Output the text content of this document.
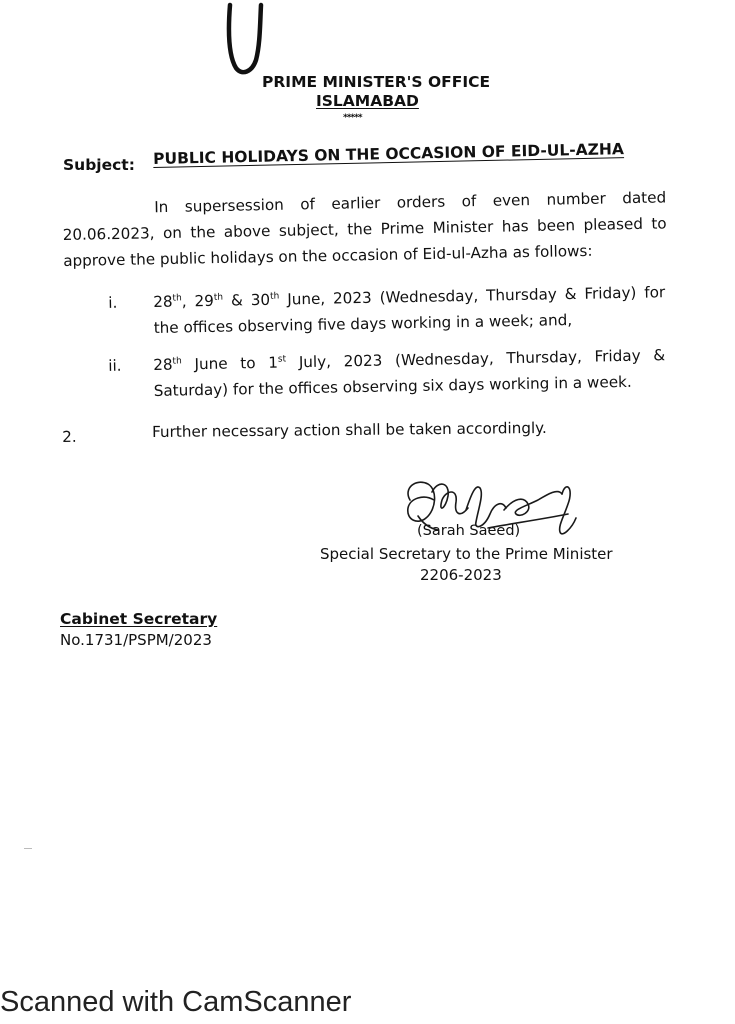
PRIME MINISTER'S OFFICE
ISLAMABAD
*****
Subject: PUBLIC HOLIDAYS ON THE OCCASION OF EID-UL-AZHA
In supersession of earlier orders of even number dated
20.06.2023, on the above subject, the Prime Minister has been pleased to
approve the public holidays on the occasion of Eid-ul-Azha as follows:
i. 28th, 29th & 30th June, 2023 (Wednesday, Thursday & Friday) for
the offices observing five days working in a week; and,
ii. 28th June to 1st July, 2023 (Wednesday, Thursday, Friday &
Saturday) for the offices observing six days working in a week.
2.	Further necessary action shall be taken accordingly.
(Sarah Saeed)
Special Secretary to the Prime Minister
2206-2023
Cabinet Secretary
No.1731/PSPM/2023
Scanned with CamScanner
